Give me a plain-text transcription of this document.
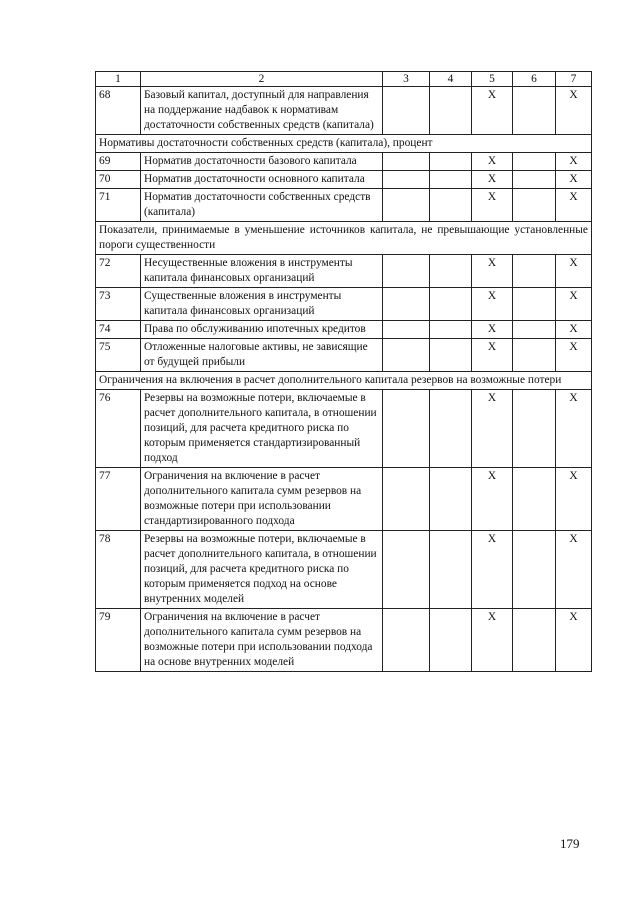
1	2	3	4	5	6	7
68	Базовый капитал, доступный для направления на поддержание надбавок к нормативам достаточности собственных средств (капитала)			X		X
Нормативы достаточности собственных средств (капитала), процент						
69	Норматив достаточности базового капитала			X		X
70	Норматив достаточности основного капитала			X		X
71	Норматив достаточности собственных средств (капитала)			X		X
Показатели, принимаемые в уменьшение источников капитала, не превышающие установленные пороги существенности						
72	Несущественные вложения в инструменты капитала финансовых организаций			X		X
73	Существенные вложения в инструменты капитала финансовых организаций			X		X
74	Права по обслуживанию ипотечных кредитов			X		X
75	Отложенные налоговые активы, не зависящие от будущей прибыли			X		X
Ограничения на включения в расчет дополнительного капитала резервов на возможные потери						
76	Резервы на возможные потери, включаемые в расчет дополнительного капитала, в отношении позиций, для расчета кредитного риска по которым применяется стандартизированный подход			X		X
77	Ограничения на включение в расчет дополнительного капитала сумм резервов на возможные потери при использовании стандартизированного подхода			X		X
78	Резервы на возможные потери, включаемые в расчет дополнительного капитала, в отношении позиций, для расчета кредитного риска по которым применяется подход на основе внутренних моделей			X		X
79	Ограничения на включение в расчет дополнительного капитала сумм резервов на возможные потери при использовании подхода на основе внутренних моделей			X		X
179
